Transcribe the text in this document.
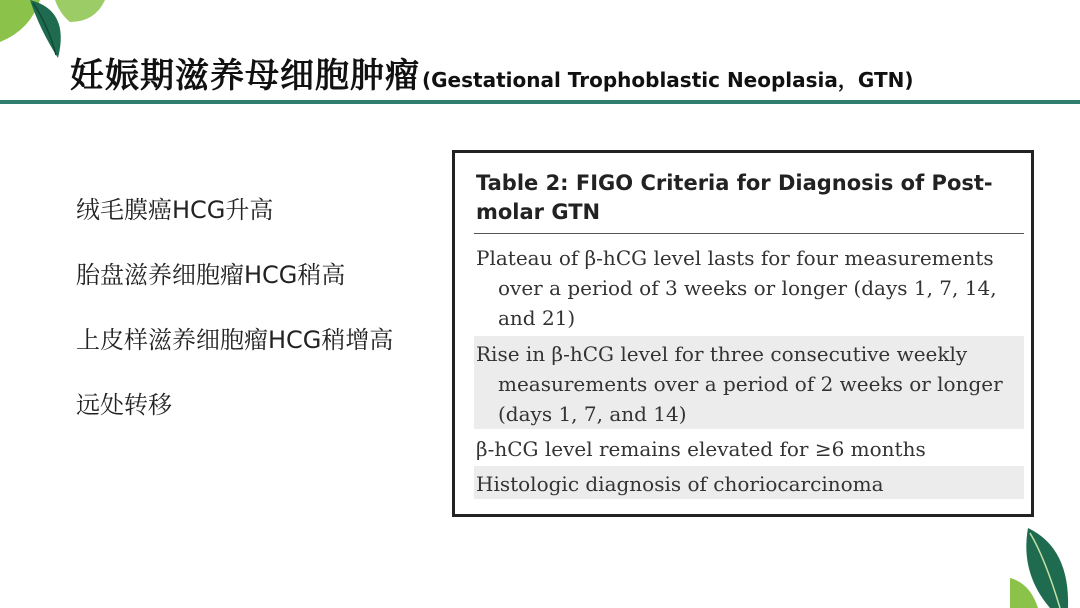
妊娠期滋养母细胞肿瘤 (Gestational Trophoblastic Neoplasia，GTN)
绒毛膜癌HCG升高
胎盘滋养细胞瘤HCG稍高
上皮样滋养细胞瘤HCG稍增高
远处转移
Table 2: FIGO Criteria for Diagnosis of Post-molar GTN
Plateau of β-hCG level lasts for four measurements over a period of 3 weeks or longer (days 1, 7, 14, and 21)
Rise in β-hCG level for three consecutive weekly measurements over a period of 2 weeks or longer (days 1, 7, and 14)
β-hCG level remains elevated for ≥6 months
Histologic diagnosis of choriocarcinoma
